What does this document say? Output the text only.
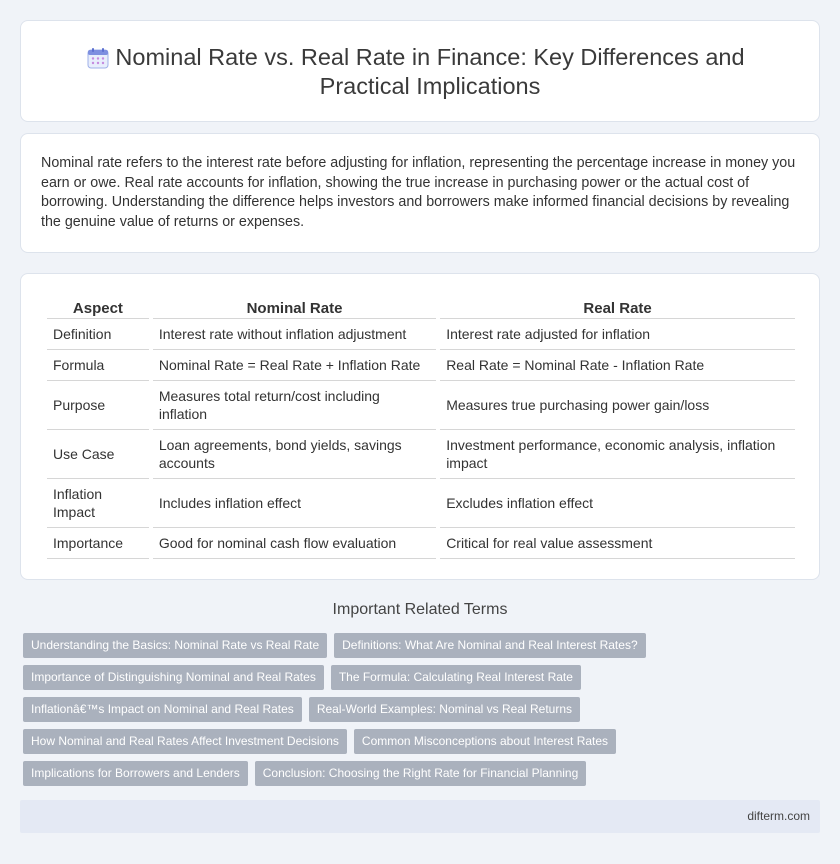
Nominal Rate vs. Real Rate in Finance: Key Differences and Practical Implications

Nominal rate refers to the interest rate before adjusting for inflation, representing the percentage increase in money you earn or owe. Real rate accounts for inflation, showing the true increase in purchasing power or the actual cost of borrowing. Understanding the difference helps investors and borrowers make informed financial decisions by revealing the genuine value of returns or expenses.

Aspect	Nominal Rate	Real Rate
Definition	Interest rate without inflation adjustment	Interest rate adjusted for inflation
Formula	Nominal Rate = Real Rate + Inflation Rate	Real Rate = Nominal Rate - Inflation Rate
Purpose	Measures total return/cost including inflation	Measures true purchasing power gain/loss
Use Case	Loan agreements, bond yields, savings accounts	Investment performance, economic analysis, inflation impact
Inflation Impact	Includes inflation effect	Excludes inflation effect
Importance	Good for nominal cash flow evaluation	Critical for real value assessment
Important Related Terms
Understanding the Basics: Nominal Rate vs Real Rate	Definitions: What Are Nominal and Real Interest Rates?
Importance of Distinguishing Nominal and Real Rates	The Formula: Calculating Real Interest Rate
Inflationâ€™s Impact on Nominal and Real Rates	Real-World Examples: Nominal vs Real Returns
How Nominal and Real Rates Affect Investment Decisions	Common Misconceptions about Interest Rates
Implications for Borrowers and Lenders	Conclusion: Choosing the Right Rate for Financial Planning
difterm.com
